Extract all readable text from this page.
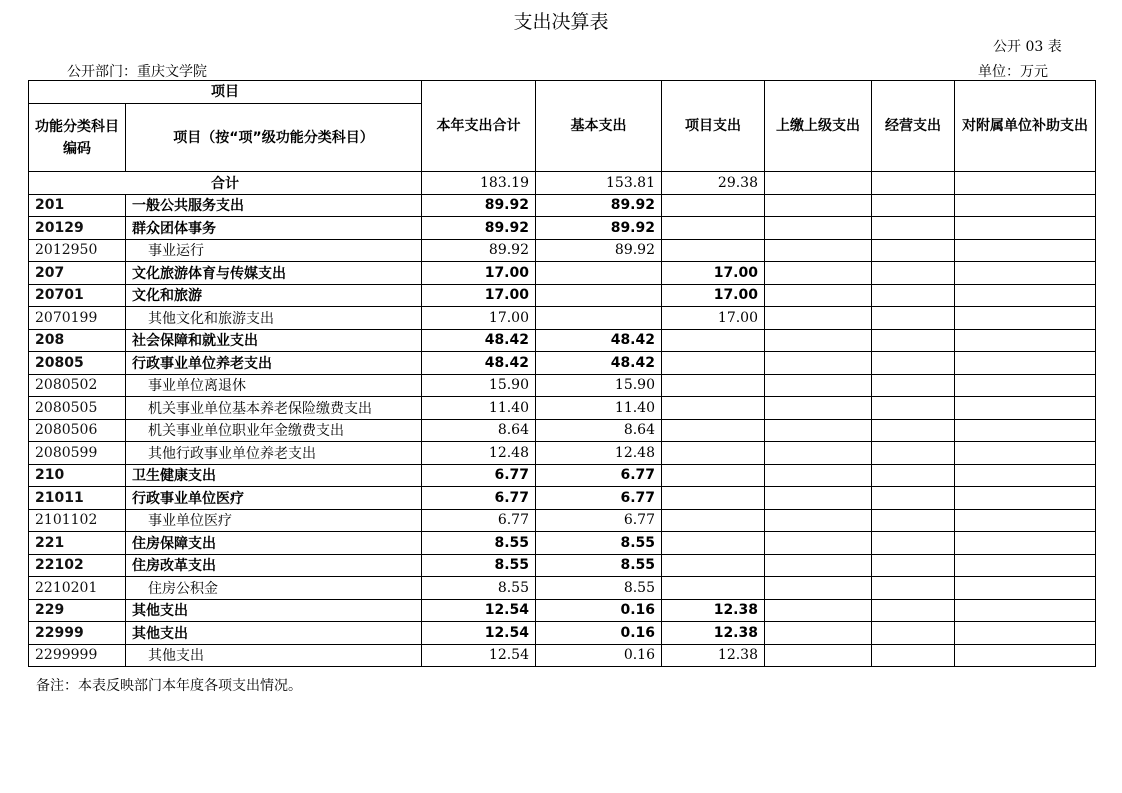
支出决算表
公开 03 表
公开部门：重庆文学院	单位：万元
项目		本年支出合计	基本支出	项目支出	上缴上级支出	经营支出	对附属单位补助支出
功能分类科目编码	项目（按“项”级功能分类科目）						
合计		183.19	153.81	29.38			
201	一般公共服务支出	89.92	89.92				
20129	群众团体事务	89.92	89.92				
2012950	事业运行	89.92	89.92				
207	文化旅游体育与传媒支出	17.00		17.00			
20701	文化和旅游	17.00		17.00			
2070199	其他文化和旅游支出	17.00		17.00			
208	社会保障和就业支出	48.42	48.42				
20805	行政事业单位养老支出	48.42	48.42				
2080502	事业单位离退休	15.90	15.90				
2080505	机关事业单位基本养老保险缴费支出	11.40	11.40				
2080506	机关事业单位职业年金缴费支出	8.64	8.64				
2080599	其他行政事业单位养老支出	12.48	12.48				
210	卫生健康支出	6.77	6.77				
21011	行政事业单位医疗	6.77	6.77				
2101102	事业单位医疗	6.77	6.77				
221	住房保障支出	8.55	8.55				
22102	住房改革支出	8.55	8.55				
2210201	住房公积金	8.55	8.55				
229	其他支出	12.54	0.16	12.38			
22999	其他支出	12.54	0.16	12.38			
2299999	其他支出	12.54	0.16	12.38			
备注：本表反映部门本年度各项支出情况。
